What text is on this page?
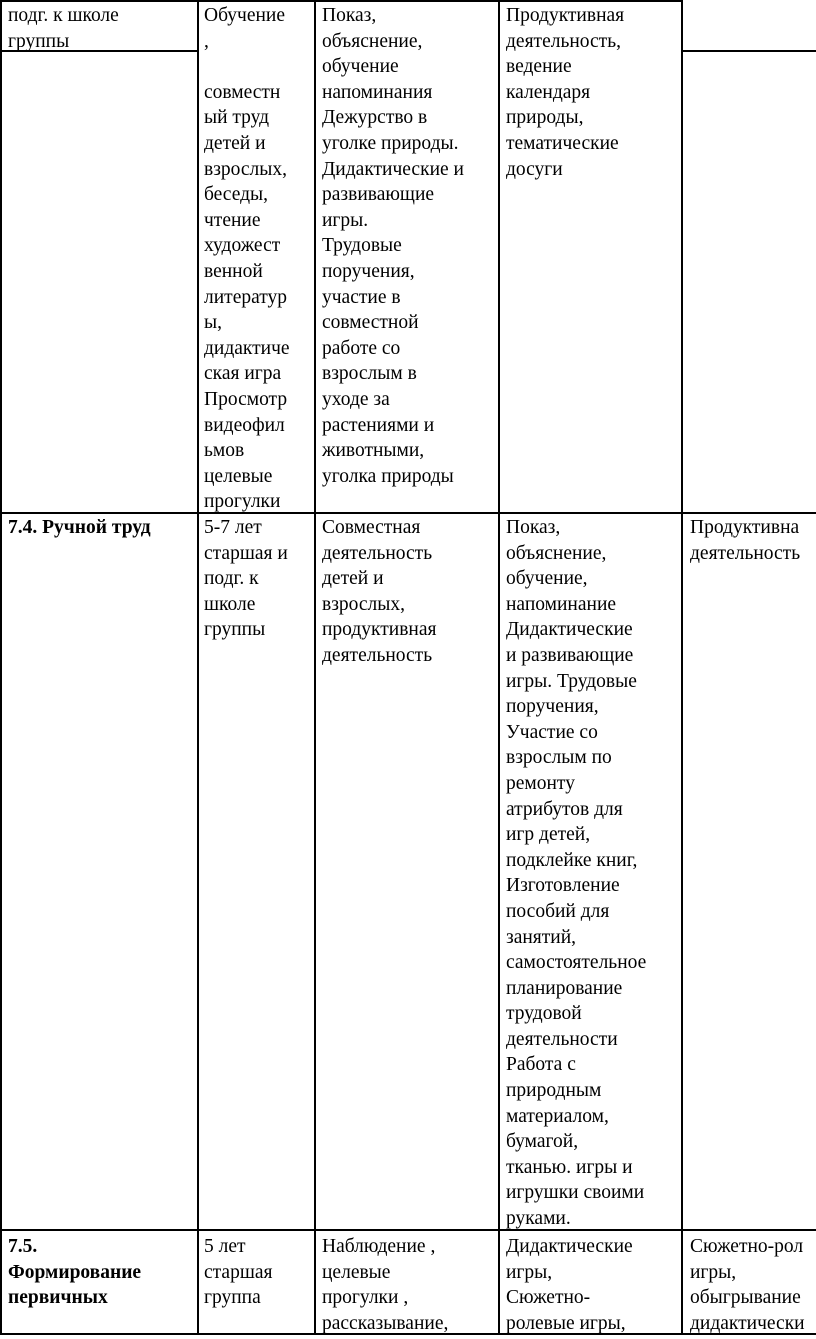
подг. к школе
группы

Обучение
,

совместн
ый труд
детей и
взрослых,
беседы,
чтение
художест
венной
литератур
ы,
дидактиче
ская игра
Просмотр
видеофил
ьмов
целевые
прогулки

Показ,
объяснение,
обучение
напоминания
Дежурство в
уголке природы.
Дидактические и
развивающие
игры.
Трудовые
поручения,
участие в
совместной
работе со
взрослым в
уходе за
растениями и
животными,
уголка природы

Продуктивная
деятельность,
ведение
календаря
природы,
тематические
досуги

7.4. Ручной труд	5-7 лет
старшая и
подг. к
школе
группы

Совместная
деятельность
детей и
взрослых,
продуктивная
деятельность

Показ,
объяснение,
обучение,
напоминание
Дидактические
и развивающие
игры. Трудовые
поручения,
Участие со
взрослым по
ремонту
атрибутов для
игр детей,
подклейке книг,
Изготовление
пособий для
занятий,
самостоятельное
планирование
трудовой
деятельности
Работа с
природным
материалом,
бумагой,
тканью. игры и
игрушки своими
руками.

Продуктивна
деятельность

7.5.
Формирование
первичных

5 лет
старшая
группа

Наблюдение ,
целевые
прогулки ,
рассказывание,

Дидактические
игры,
Сюжетно-
ролевые игры,

Сюжетно-рол
игры,
обыгрывание
дидактически
